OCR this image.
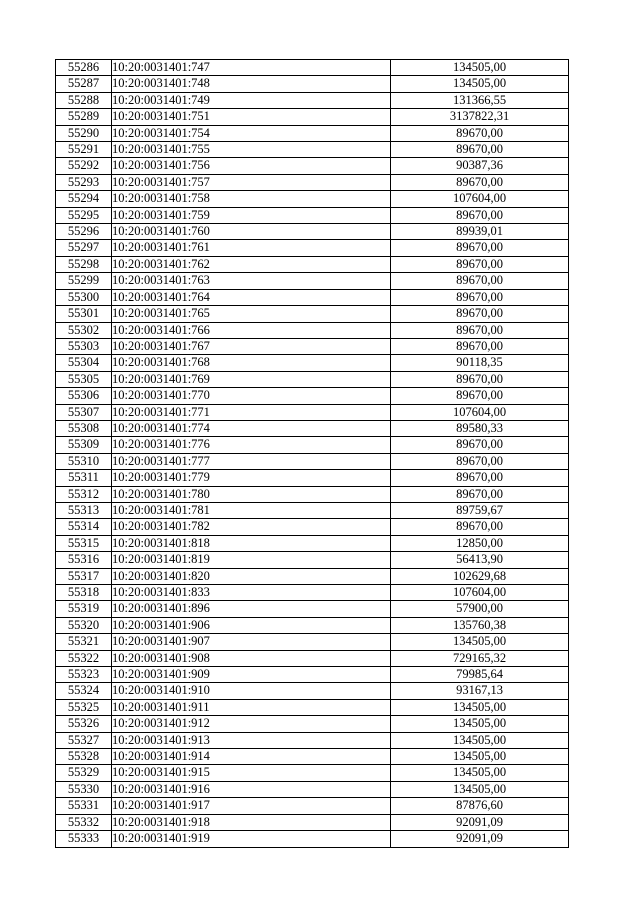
55286	10:20:0031401:747	134505,00
55287	10:20:0031401:748	134505,00
55288	10:20:0031401:749	131366,55
55289	10:20:0031401:751	3137822,31
55290	10:20:0031401:754	89670,00
55291	10:20:0031401:755	89670,00
55292	10:20:0031401:756	90387,36
55293	10:20:0031401:757	89670,00
55294	10:20:0031401:758	107604,00
55295	10:20:0031401:759	89670,00
55296	10:20:0031401:760	89939,01
55297	10:20:0031401:761	89670,00
55298	10:20:0031401:762	89670,00
55299	10:20:0031401:763	89670,00
55300	10:20:0031401:764	89670,00
55301	10:20:0031401:765	89670,00
55302	10:20:0031401:766	89670,00
55303	10:20:0031401:767	89670,00
55304	10:20:0031401:768	90118,35
55305	10:20:0031401:769	89670,00
55306	10:20:0031401:770	89670,00
55307	10:20:0031401:771	107604,00
55308	10:20:0031401:774	89580,33
55309	10:20:0031401:776	89670,00
55310	10:20:0031401:777	89670,00
55311	10:20:0031401:779	89670,00
55312	10:20:0031401:780	89670,00
55313	10:20:0031401:781	89759,67
55314	10:20:0031401:782	89670,00
55315	10:20:0031401:818	12850,00
55316	10:20:0031401:819	56413,90
55317	10:20:0031401:820	102629,68
55318	10:20:0031401:833	107604,00
55319	10:20:0031401:896	57900,00
55320	10:20:0031401:906	135760,38
55321	10:20:0031401:907	134505,00
55322	10:20:0031401:908	729165,32
55323	10:20:0031401:909	79985,64
55324	10:20:0031401:910	93167,13
55325	10:20:0031401:911	134505,00
55326	10:20:0031401:912	134505,00
55327	10:20:0031401:913	134505,00
55328	10:20:0031401:914	134505,00
55329	10:20:0031401:915	134505,00
55330	10:20:0031401:916	134505,00
55331	10:20:0031401:917	87876,60
55332	10:20:0031401:918	92091,09
55333	10:20:0031401:919	92091,09
